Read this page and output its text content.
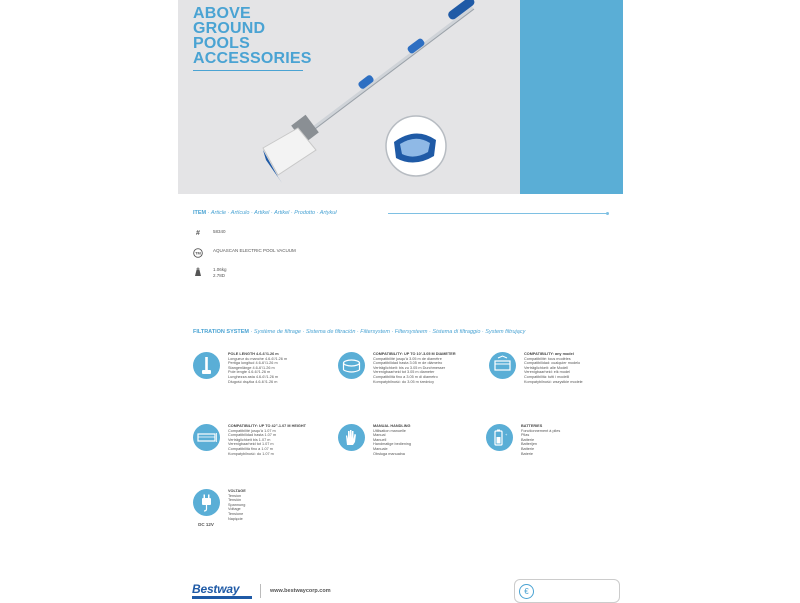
ABOVE
GROUND
POOLS
ACCESSORIES
ITEM · Article · Artículo · Artikel · Artikel · Prodotto · Artykuł
#	58340
TM
AQUASCAN ELECTRIC POOL VACUUM
1.06kg
2.78D
FILTRATION SYSTEM · Système de filtrage · Sistema de filtración · Filtersystem · Filtersysteem · Sistema di filtraggio · System filtrujący
POLE LENGTH 4.6-6’/1.26 m
Longueur du manche 4.6-6’/1.26 m
Pertiga longitud 4.6-6’/1.26 m
Stangenlänge 4.6-6’/1.26 m
Pole lengte 4.6-6’/1.26 m
Lunghezza asta 4.6-6’/1.26 m
Długość drążka 4.6-6’/1.26 m
COMPATIBILITY: UP TO 10’-3.05 M DIAMETER
Compatibilité jusqu’à 3.05 m de diamètre
Compatibilidad hasta 3.05 m de diámetro
Verträglichkeit: bis zu 3.05 m Durchmesser
Verenigbaarheid tot 3.05 m diameter
Compatibilità fino a 3.05 m di diametro
Kompatybilność: do 3.05 m średnicy
COMPATIBILITY: any model
Compatibilité: tous modèles
Compatibilidad: cualquier modelo
Verträglichkeit: alle Modell
Verenigbaarheid: elk model
Compatibilità: tutti i modelli
Kompatybilność: wszystkie modele
COMPATIBILITY: UP TO 42”-1.07 M HEIGHT
Compatibilité jusqu’à 1.07 m
Compatibilidad hasta 1.07 m
Verträglichkeit bis 1.07 m
Verenigbaarheid tot 1.07 m
Compatibilità fino a 1.07 m
Kompatybilność: do 1.07 m
MANUAL HANDLING
Utilisation manuelle
Manual
Manuell
Handmatige bediening
Manuale
Obsługa manualna
+
BATTERIES
Fonctionnement à piles
Pilas
Batterie
Batterijen
Batterie
Baterie
VOLTAGE
Tension
Tensión
Spannung
Voltage
Tensione
Napięcie
DC 12V
Bestway	www.bestwaycorp.com	€
